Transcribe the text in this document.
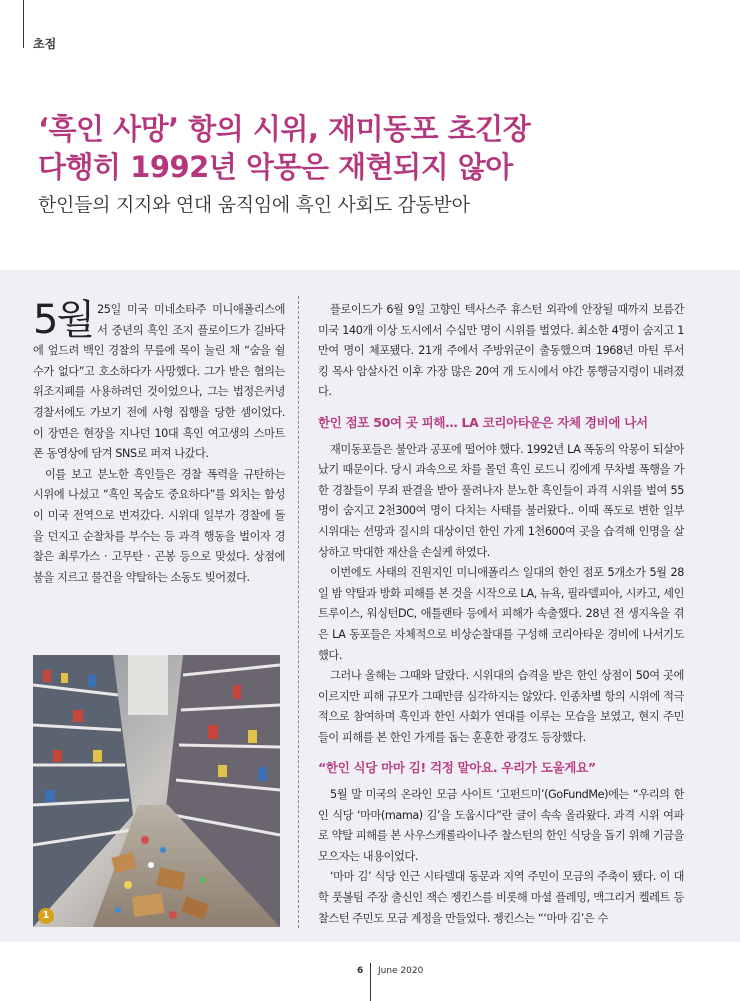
초점
‘흑인 사망’ 항의 시위, 재미동포 초긴장
다행히 1992년 악몽은 재현되지 않아
한인들의 지지와 연대 움직임에 흑인 사회도 감동받아

5월 25일 미국 미네소타주 미니애폴리스에서 중년의 흑인 조지 플로이드가 길바닥에 엎드려 백인 경찰의 무릎에 목이 눌린 채 “숨을 쉴 수가 없다”고 호소하다가 사망했다. 그가 받은 혐의는 위조지폐를 사용하려던 것이었으나, 그는 법정은커녕 경찰서에도 가보기 전에 사형 집행을 당한 셈이었다. 이 장면은 현장을 지나던 10대 흑인 여고생의 스마트폰 동영상에 담겨 SNS로 퍼져 나갔다.

이를 보고 분노한 흑인들은 경찰 폭력을 규탄하는 시위에 나섰고 “흑인 목숨도 중요하다”를 외치는 함성이 미국 전역으로 번져갔다. 시위대 일부가 경찰에 돌을 던지고 순찰차를 부수는 등 과격 행동을 벌이자 경찰은 최루가스 · 고무탄 · 곤봉 등으로 맞섰다. 상점에 불을 지르고 물건을 약탈하는 소동도 빚어졌다.

1

플로이드가 6월 9일 고향인 텍사스주 휴스턴 외곽에 안장될 때까지 보름간 미국 140개 이상 도시에서 수십만 명이 시위를 벌였다. 최소한 4명이 숨지고 1만여 명이 체포됐다. 21개 주에서 주방위군이 출동했으며 1968년 마틴 루서 킹 목사 암살사건 이후 가장 많은 20여 개 도시에서 야간 통행금지령이 내려졌다.

한인 점포 50여 곳 피해… LA 코리아타운은 자체 경비에 나서

재미동포들은 불안과 공포에 떨어야 했다. 1992년 LA 폭동의 악몽이 되살아났기 때문이다. 당시 과속으로 차를 몰던 흑인 로드니 킹에게 무차별 폭행을 가한 경찰들이 무죄 판결을 받아 풀려나자 분노한 흑인들이 과격 시위를 벌여 55명이 숨지고 2천300여 명이 다치는 사태를 불러왔다.. 이때 폭도로 변한 일부 시위대는 선망과 질시의 대상이던 한인 가게 1천600여 곳을 습격해 인명을 살상하고 막대한 재산을 손실케 하였다.

이번에도 사태의 진원지인 미니애폴리스 일대의 한인 점포 5개소가 5월 28일 밤 약탈과 방화 피해를 본 것을 시작으로 LA, 뉴욕, 필라델피아, 시카고, 세인트루이스, 워싱턴DC, 애틀랜타 등에서 피해가 속출했다. 28년 전 생지옥을 겪은 LA 동포들은 자체적으로 비상순찰대를 구성해 코리아타운 경비에 나서기도 했다.

그러나 올해는 그때와 달랐다. 시위대의 습격을 받은 한인 상점이 50여 곳에 이르지만 피해 규모가 그때만큼 심각하지는 않았다. 인종차별 항의 시위에 적극적으로 참여하며 흑인과 한인 사회가 연대를 이루는 모습을 보였고, 현지 주민들이 피해를 본 한인 가게를 돕는 훈훈한 광경도 등장했다.

“한인 식당 마마 김! 걱정 말아요. 우리가 도울게요”

5월 말 미국의 온라인 모금 사이트 ‘고펀드미’(GoFundMe)에는 “우리의 한인 식당 ‘마마(mama) 김’을 도웁시다”란 글이 속속 올라왔다. 과격 시위 여파로 약탈 피해를 본 사우스캐롤라이나주 찰스턴의 한인 식당을 돕기 위해 기금을 모으자는 내용이었다.

‘마마 김’ 식당 인근 시타델대 동문과 지역 주민이 모금의 주축이 됐다. 이 대학 풋볼팀 주장 출신인 잭슨 젱킨스를 비롯해 마셜 플레밍, 맥그리거 켈레트 등 찰스턴 주민도 모금 계정을 만들었다. 젱킨스는 “‘마마 김’은 수

6 June 2020
